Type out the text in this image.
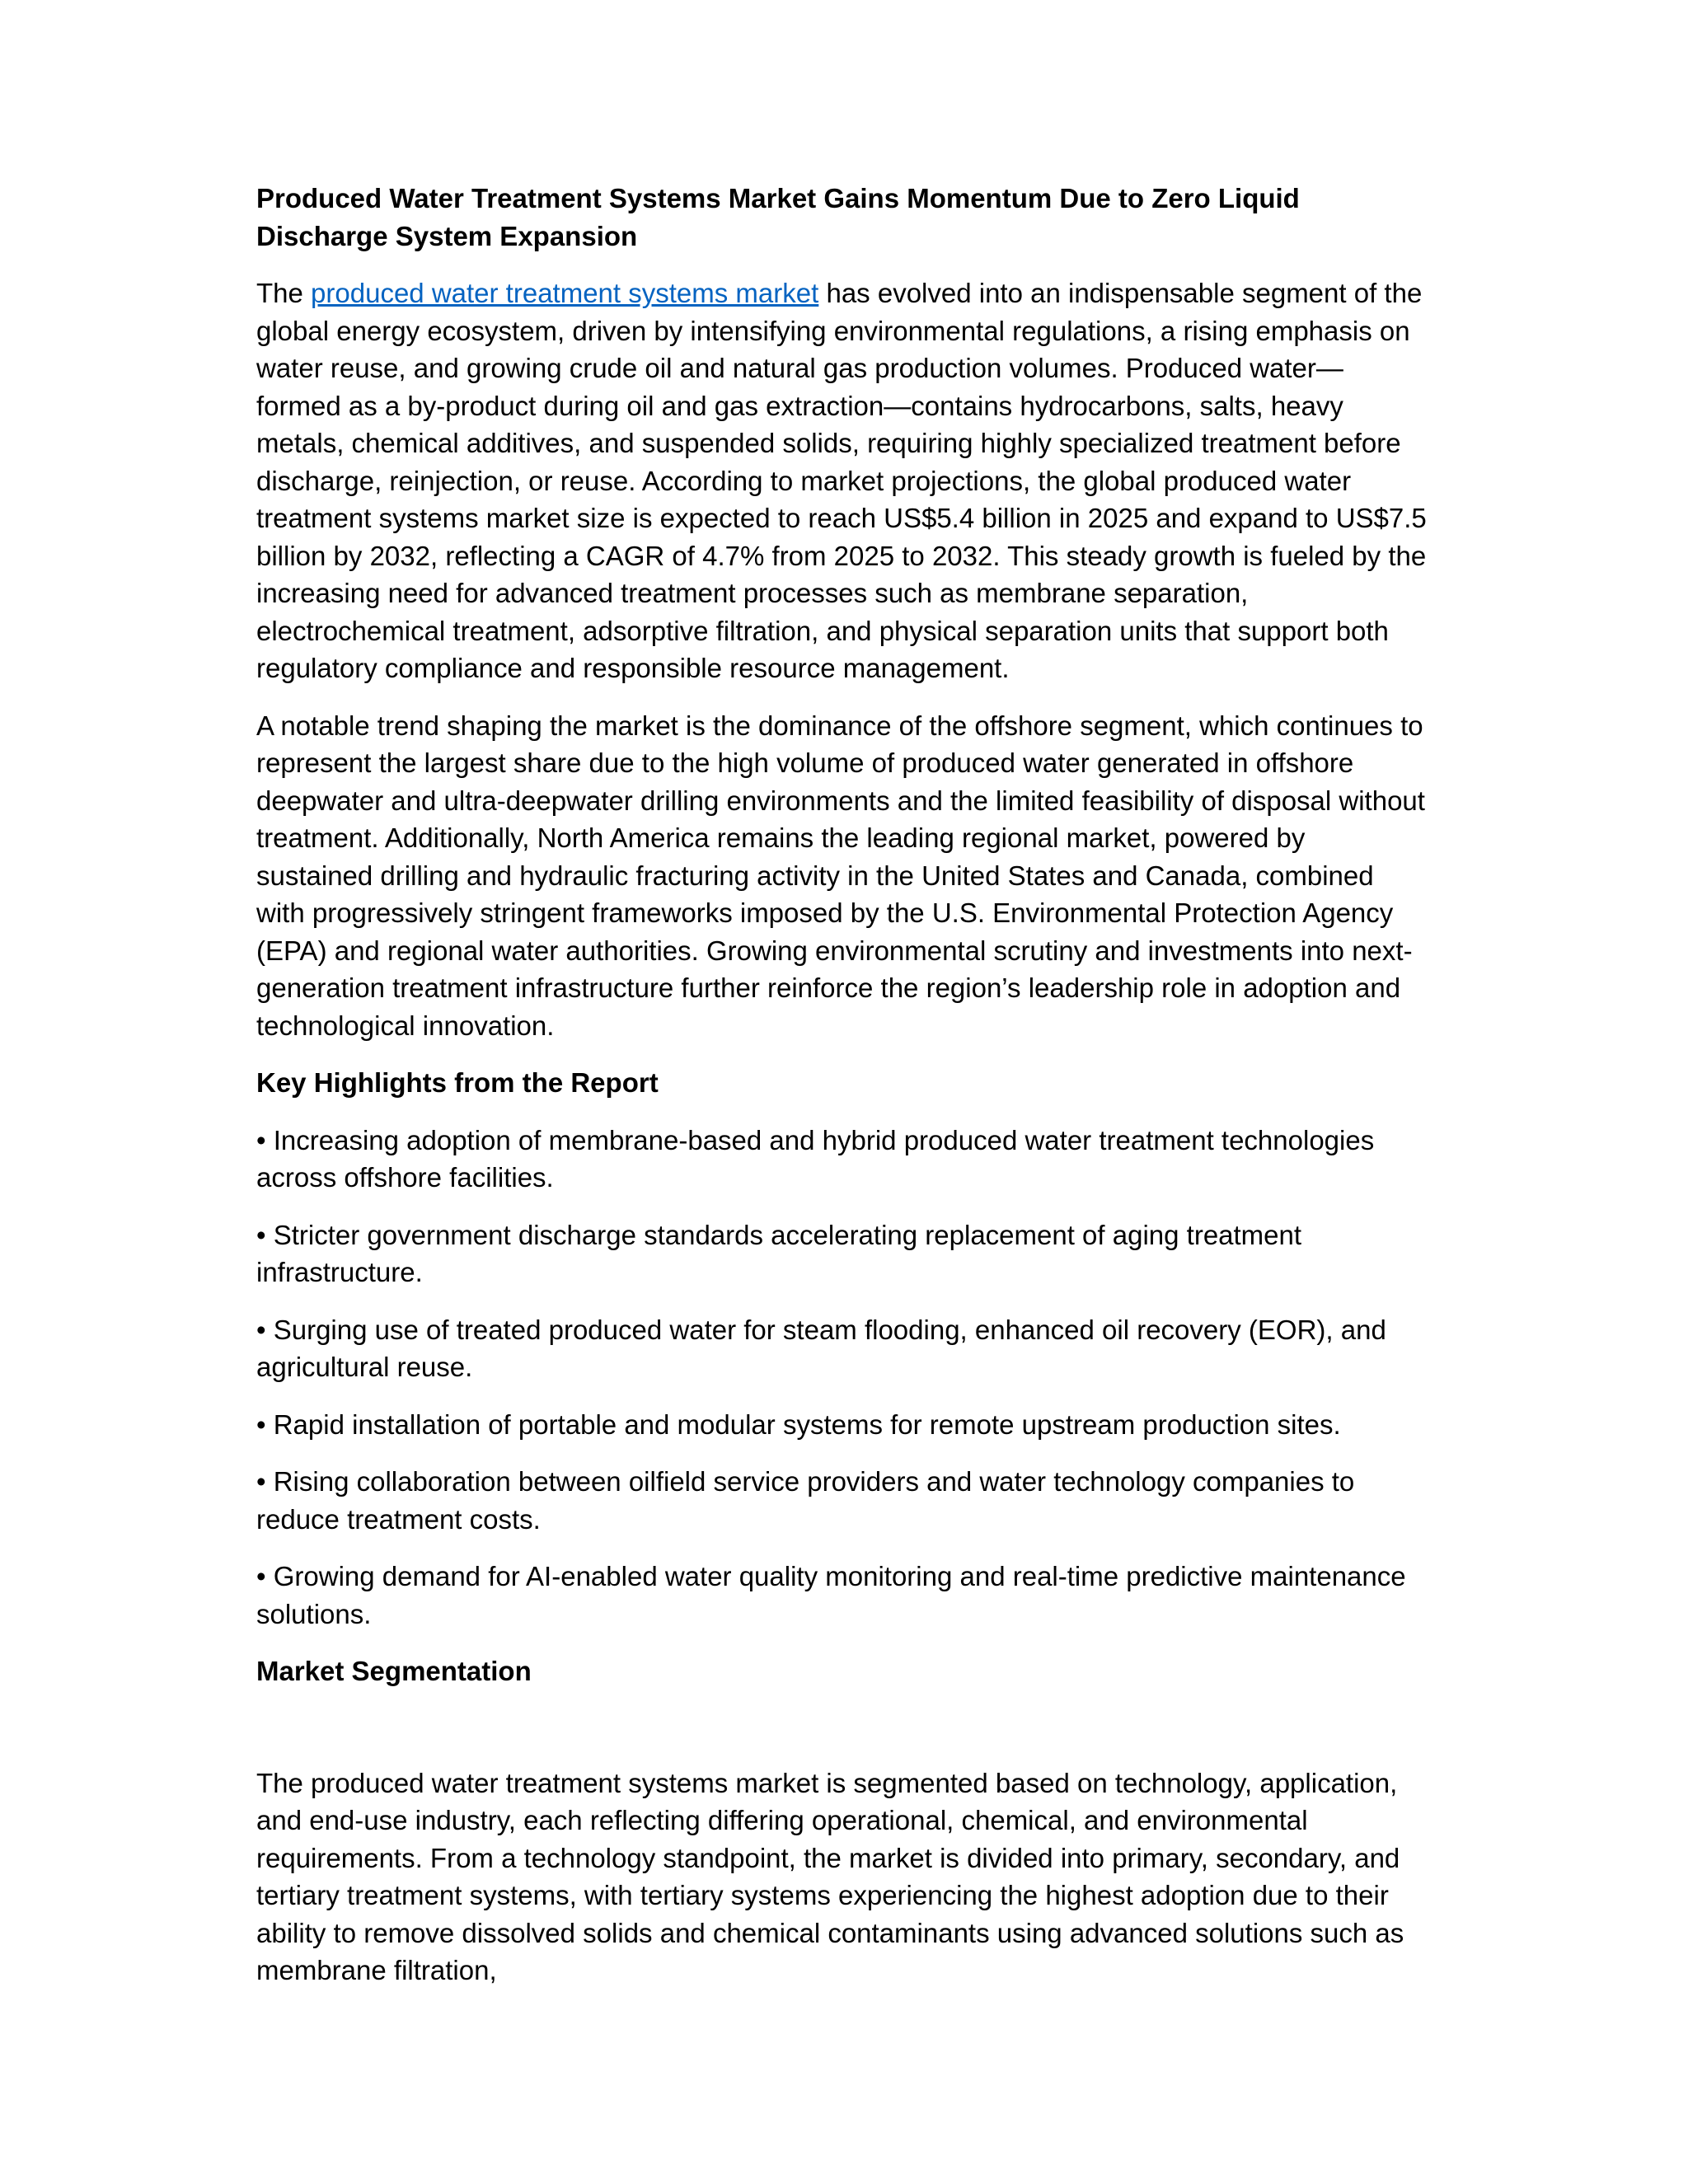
Produced Water Treatment Systems Market Gains Momentum Due to Zero Liquid Discharge System Expansion

The produced water treatment systems market has evolved into an indispensable segment of the global energy ecosystem, driven by intensifying environmental regulations, a rising emphasis on water reuse, and growing crude oil and natural gas production volumes. Produced water—formed as a by-product during oil and gas extraction—contains hydrocarbons, salts, heavy metals, chemical additives, and suspended solids, requiring highly specialized treatment before discharge, reinjection, or reuse. According to market projections, the global produced water treatment systems market size is expected to reach US$5.4 billion in 2025 and expand to US$7.5 billion by 2032, reflecting a CAGR of 4.7% from 2025 to 2032. This steady growth is fueled by the increasing need for advanced treatment processes such as membrane separation, electrochemical treatment, adsorptive filtration, and physical separation units that support both regulatory compliance and responsible resource management.

A notable trend shaping the market is the dominance of the offshore segment, which continues to represent the largest share due to the high volume of produced water generated in offshore deepwater and ultra-deepwater drilling environments and the limited feasibility of disposal without treatment. Additionally, North America remains the leading regional market, powered by sustained drilling and hydraulic fracturing activity in the United States and Canada, combined with progressively stringent frameworks imposed by the U.S. Environmental Protection Agency (EPA) and regional water authorities. Growing environmental scrutiny and investments into next-generation treatment infrastructure further reinforce the region’s leadership role in adoption and technological innovation.

Key Highlights from the Report

• Increasing adoption of membrane-based and hybrid produced water treatment technologies across offshore facilities.

• Stricter government discharge standards accelerating replacement of aging treatment infrastructure.

• Surging use of treated produced water for steam flooding, enhanced oil recovery (EOR), and agricultural reuse.

• Rapid installation of portable and modular systems for remote upstream production sites.

• Rising collaboration between oilfield service providers and water technology companies to reduce treatment costs.

• Growing demand for AI-enabled water quality monitoring and real-time predictive maintenance solutions.

Market Segmentation

The produced water treatment systems market is segmented based on technology, application, and end-use industry, each reflecting differing operational, chemical, and environmental requirements. From a technology standpoint, the market is divided into primary, secondary, and tertiary treatment systems, with tertiary systems experiencing the highest adoption due to their ability to remove dissolved solids and chemical contaminants using advanced solutions such as membrane filtration,
